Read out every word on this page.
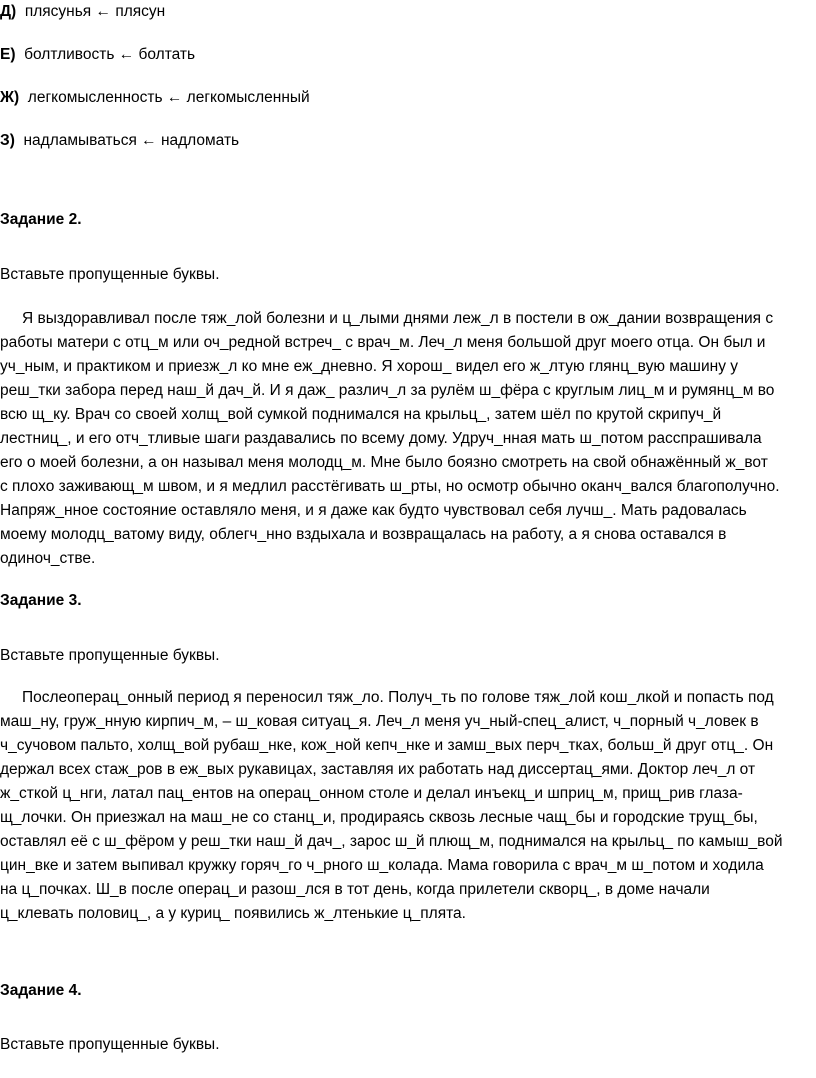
Д) плясунья ← плясун
Е) болтливость ← болтать
Ж) легкомысленность ← легкомысленный
З) надламываться ← надломать
Задание 2.
Вставьте пропущенные буквы.
Я выздоравливал после тяж_лой болезни и ц_лыми днями леж_л в постели в ож_дании возвращения с
работы матери с отц_м или оч_редной встреч_ с врач_м. Леч_л меня большой друг моего отца. Он был и
уч_ным, и практиком и приезж_л ко мне еж_дневно. Я хорош_ видел его ж_лтую глянц_вую машину у
реш_тки забора перед наш_й дач_й. И я даж_ различ_л за рулём ш_фёра с круглым лиц_м и румянц_м во
всю щ_ку. Врач со своей холщ_вой сумкой поднимался на крыльц_, затем шёл по крутой скрипуч_й
лестниц_, и его отч_тливые шаги раздавались по всему дому. Удруч_нная мать ш_потом расспрашивала
его о моей болезни, а он называл меня молодц_м. Мне было боязно смотреть на свой обнажённый ж_вот
с плохо заживающ_м швом, и я медлил расстёгивать ш_рты, но осмотр обычно оканч_вался благополучно.
Напряж_нное состояние оставляло меня, и я даже как будто чувствовал себя лучш_. Мать радовалась
моему молодц_ватому виду, облегч_нно вздыхала и возвращалась на работу, а я снова оставался в
одиноч_стве.
Задание 3.
Вставьте пропущенные буквы.
Послеоперац_онный период я переносил тяж_ло. Получ_ть по голове тяж_лой кош_лкой и попасть под
маш_ну, груж_нную кирпич_м, – ш_ковая ситуац_я. Леч_л меня уч_ный-спец_алист, ч_порный ч_ловек в
ч_сучовом пальто, холщ_вой рубаш_нке, кож_ной кепч_нке и замш_вых перч_тках, больш_й друг отц_. Он
держал всех стаж_ров в еж_вых рукавицах, заставляя их работать над диссертац_ями. Доктор леч_л от
ж_сткой ц_нги, латал пац_ентов на операц_онном столе и делал инъекц_и шприц_м, прищ_рив глаза-
щ_лочки. Он приезжал на маш_не со станц_и, продираясь сквозь лесные чащ_бы и городские трущ_бы,
оставлял её с ш_фёром у реш_тки наш_й дач_, зарос ш_й плющ_м, поднимался на крыльц_ по камыш_вой
цин_вке и затем выпивал кружку горяч_го ч_рного ш_колада. Мама говорила с врач_м ш_потом и ходила
на ц_почках. Ш_в после операц_и разош_лся в тот день, когда прилетели скворц_, в доме начали
ц_клевать половиц_, а у куриц_ появились ж_лтенькие ц_плята.
Задание 4.
Вставьте пропущенные буквы.
